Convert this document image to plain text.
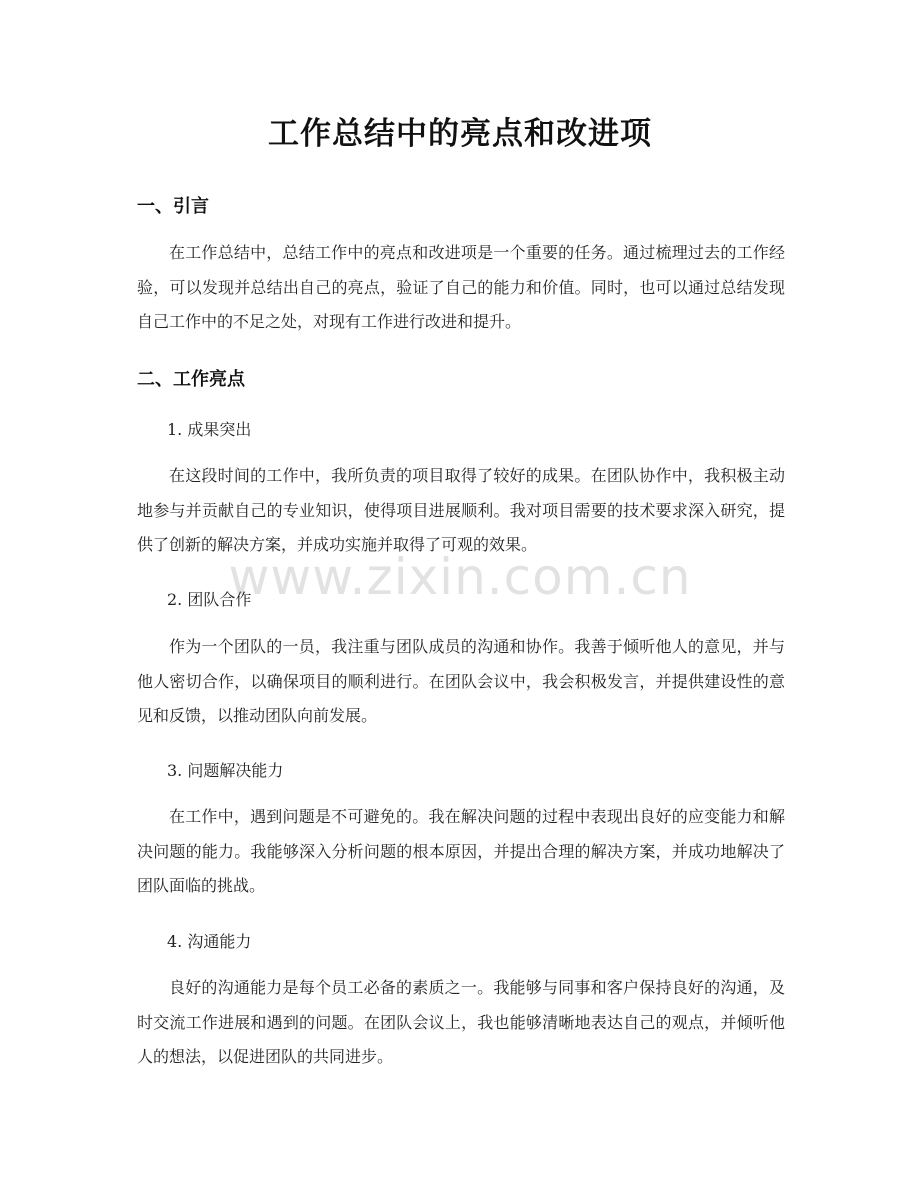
工作总结中的亮点和改进项
一、引言
在工作总结中，总结工作中的亮点和改进项是一个重要的任务。通过梳理过去的工作经验，可以发现并总结出自己的亮点，验证了自己的能力和价值。同时，也可以通过总结发现自己工作中的不足之处，对现有工作进行改进和提升。
二、工作亮点
1. 成果突出
在这段时间的工作中，我所负责的项目取得了较好的成果。在团队协作中，我积极主动地参与并贡献自己的专业知识，使得项目进展顺利。我对项目需要的技术要求深入研究，提供了创新的解决方案，并成功实施并取得了可观的效果。
2. 团队合作
作为一个团队的一员，我注重与团队成员的沟通和协作。我善于倾听他人的意见，并与他人密切合作，以确保项目的顺利进行。在团队会议中，我会积极发言，并提供建设性的意见和反馈，以推动团队向前发展。
3. 问题解决能力
在工作中，遇到问题是不可避免的。我在解决问题的过程中表现出良好的应变能力和解决问题的能力。我能够深入分析问题的根本原因，并提出合理的解决方案，并成功地解决了团队面临的挑战。
4. 沟通能力
良好的沟通能力是每个员工必备的素质之一。我能够与同事和客户保持良好的沟通，及时交流工作进展和遇到的问题。在团队会议上，我也能够清晰地表达自己的观点，并倾听他人的想法，以促进团队的共同进步。
www.zixin.com.cn
